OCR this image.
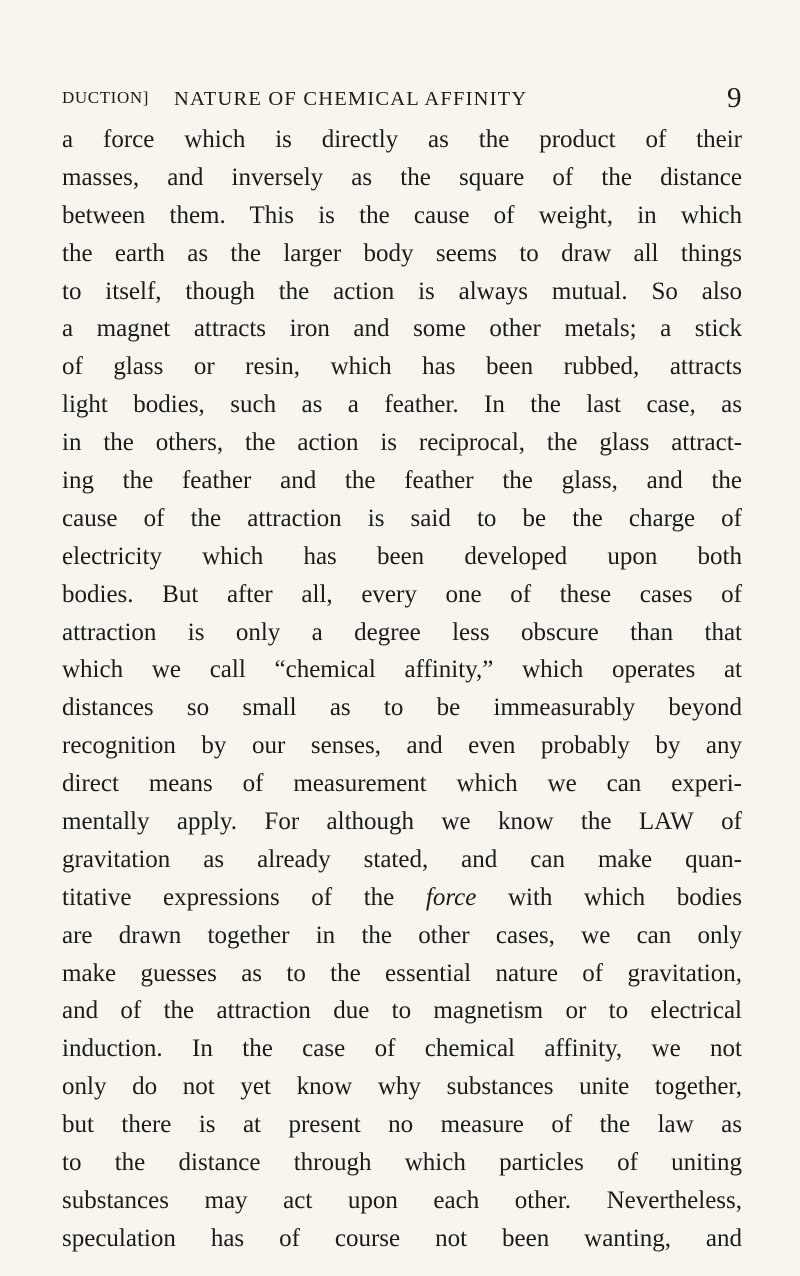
DUCTION] NATURE OF CHEMICAL AFFINITY	9
a force which is directly as the product of their
masses, and inversely as the square of the distance
between them. This is the cause of weight, in which
the earth as the larger body seems to draw all things
to itself, though the action is always mutual. So also
a magnet attracts iron and some other metals; a stick
of glass or resin, which has been rubbed, attracts
light bodies, such as a feather. In the last case, as
in the others, the action is reciprocal, the glass attract-
ing the feather and the feather the glass, and the
cause of the attraction is said to be the charge of
electricity which has been developed upon both
bodies. But after all, every one of these cases of
attraction is only a degree less obscure than that
which we call “chemical affinity,” which operates at
distances so small as to be immeasurably beyond
recognition by our senses, and even probably by any
direct means of measurement which we can experi-
mentally apply. For although we know the LAW of
gravitation as already stated, and can make quan-
titative expressions of the force with which bodies
are drawn together in the other cases, we can only
make guesses as to the essential nature of gravitation,
and of the attraction due to magnetism or to electrical
induction. In the case of chemical affinity, we not
only do not yet know why substances unite together,
but there is at present no measure of the law as
to the distance through which particles of uniting
substances may act upon each other. Nevertheless,
speculation has of course not been wanting, and
